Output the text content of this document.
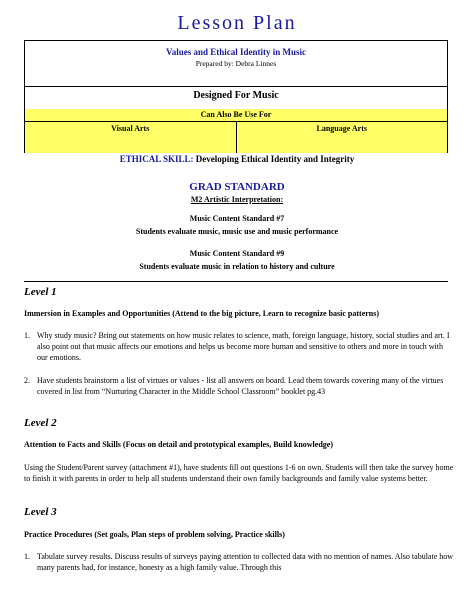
Lesson Plan
Values and Ethical Identity in Music
Prepared by: Debra Linnes
Designed For Music
Can Also Be Use For
Visual Arts	Language Arts
ETHICAL SKILL: Developing Ethical Identity and Integrity
GRAD STANDARD
M2 Artistic Interpretation:
Music Content Standard #7
Students evaluate music, music use and music performance
Music Content Standard #9
Students evaluate music in relation to history and culture
Level 1
Immersion in Examples and Opportunities (Attend to the big picture, Learn to recognize basic patterns)
1. Why study music? Bring out statements on how music relates to science, math, foreign language, history, social studies and art. I also point out that music affects our emotions and helps us become more human and sensitive to others and more in touch with our emotions.
2. Have students brainstorm a list of virtues or values - list all answers on board. Lead them towards covering many of the virtues covered in list from “Nurturing Character in the Middle School Classroom” booklet pg.43
Level 2
Attention to Facts and Skills (Focus on detail and prototypical examples, Build knowledge)
Using the Student/Parent survey (attachment #1), have students fill out questions 1-6 on own. Students will then take the survey home to finish it with parents in order to help all students understand their own family backgrounds and family value systems better.
Level 3
Practice Procedures (Set goals, Plan steps of problem solving, Practice skills)
1. Tabulate survey results. Discuss results of surveys paying attention to collected data with no mention of names. Also tabulate how many parents had, for instance, honesty as a high family value. Through this
